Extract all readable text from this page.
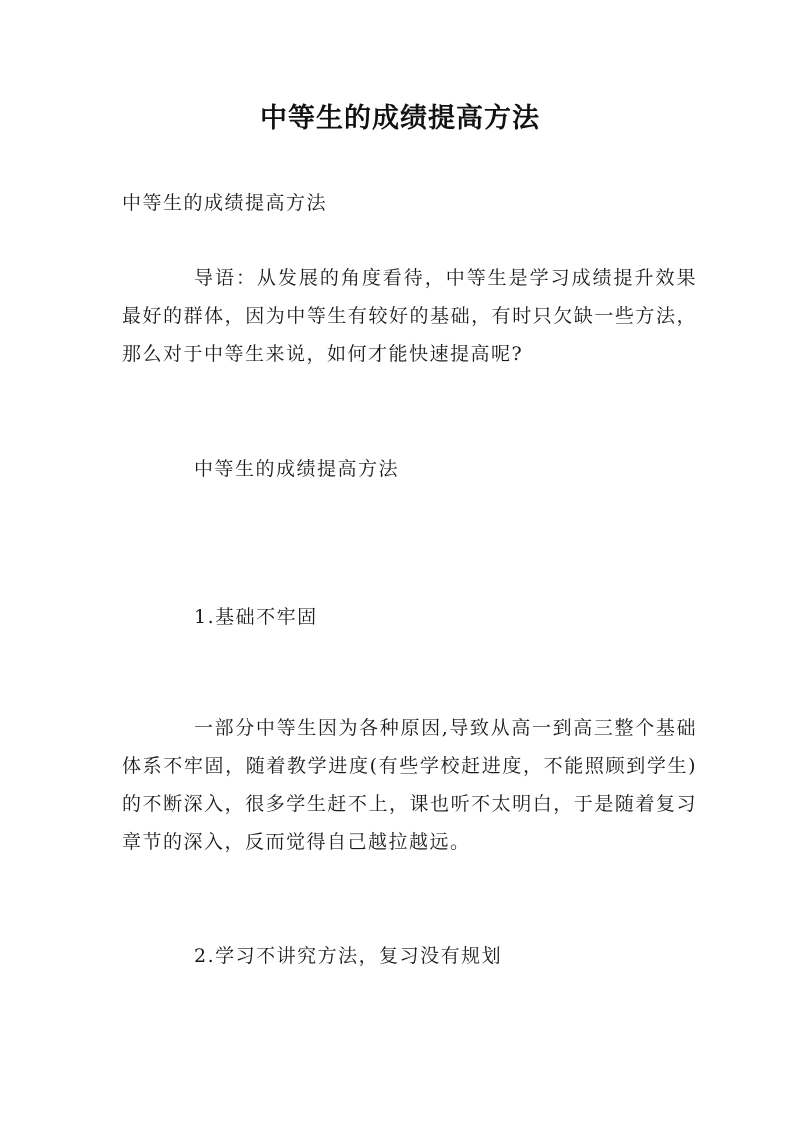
中等生的成绩提高方法
中等生的成绩提高方法
导语：从发展的角度看待，中等生是学习成绩提升效果最好的群体，因为中等生有较好的基础，有时只欠缺一些方法，那么对于中等生来说，如何才能快速提高呢?
中等生的成绩提高方法
1.基础不牢固
一部分中等生因为各种原因,导致从高一到高三整个基础体系不牢固，随着教学进度(有些学校赶进度，不能照顾到学生)的不断深入，很多学生赶不上，课也听不太明白，于是随着复习章节的深入，反而觉得自己越拉越远。
2.学习不讲究方法，复习没有规划
